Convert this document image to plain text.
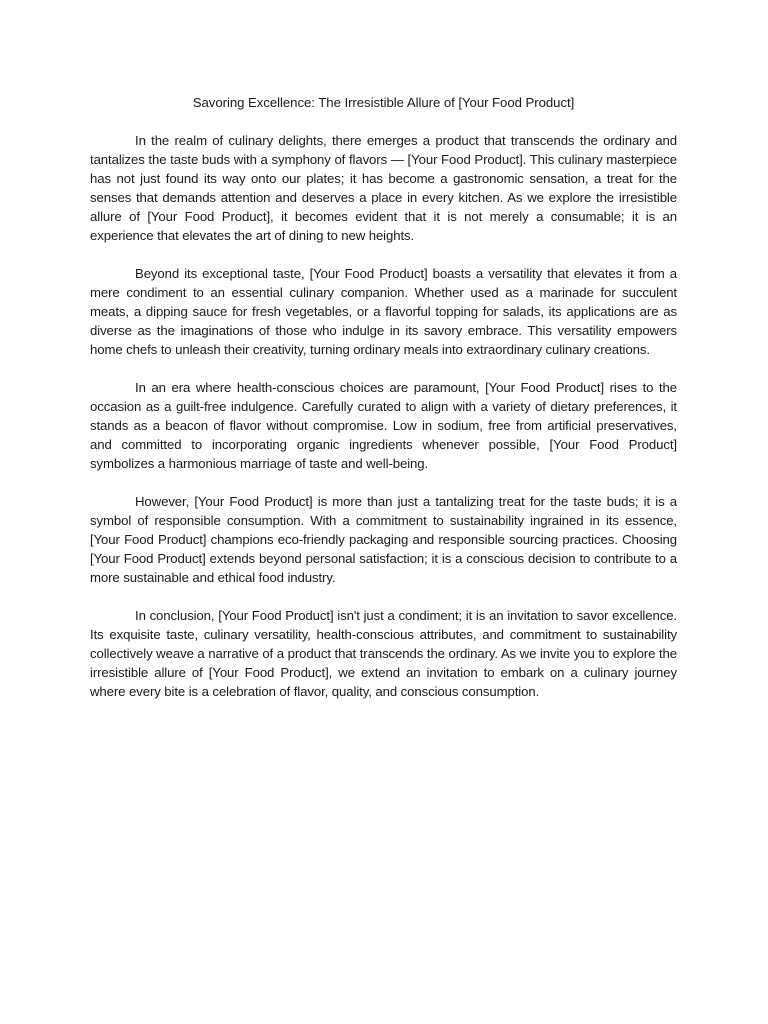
Savoring Excellence: The Irresistible Allure of [Your Food Product]

In the realm of culinary delights, there emerges a product that transcends the ordinary and tantalizes the taste buds with a symphony of flavors — [Your Food Product]. This culinary masterpiece has not just found its way onto our plates; it has become a gastronomic sensation, a treat for the senses that demands attention and deserves a place in every kitchen. As we explore the irresistible allure of [Your Food Product], it becomes evident that it is not merely a consumable; it is an experience that elevates the art of dining to new heights.

Beyond its exceptional taste, [Your Food Product] boasts a versatility that elevates it from a mere condiment to an essential culinary companion. Whether used as a marinade for succulent meats, a dipping sauce for fresh vegetables, or a flavorful topping for salads, its applications are as diverse as the imaginations of those who indulge in its savory embrace. This versatility empowers home chefs to unleash their creativity, turning ordinary meals into extraordinary culinary creations.

In an era where health-conscious choices are paramount, [Your Food Product] rises to the occasion as a guilt-free indulgence. Carefully curated to align with a variety of dietary preferences, it stands as a beacon of flavor without compromise. Low in sodium, free from artificial preservatives, and committed to incorporating organic ingredients whenever possible, [Your Food Product] symbolizes a harmonious marriage of taste and well-being.

However, [Your Food Product] is more than just a tantalizing treat for the taste buds; it is a symbol of responsible consumption. With a commitment to sustainability ingrained in its essence, [Your Food Product] champions eco-friendly packaging and responsible sourcing practices. Choosing [Your Food Product] extends beyond personal satisfaction; it is a conscious decision to contribute to a more sustainable and ethical food industry.

In conclusion, [Your Food Product] isn't just a condiment; it is an invitation to savor excellence. Its exquisite taste, culinary versatility, health-conscious attributes, and commitment to sustainability collectively weave a narrative of a product that transcends the ordinary. As we invite you to explore the irresistible allure of [Your Food Product], we extend an invitation to embark on a culinary journey where every bite is a celebration of flavor, quality, and conscious consumption.
